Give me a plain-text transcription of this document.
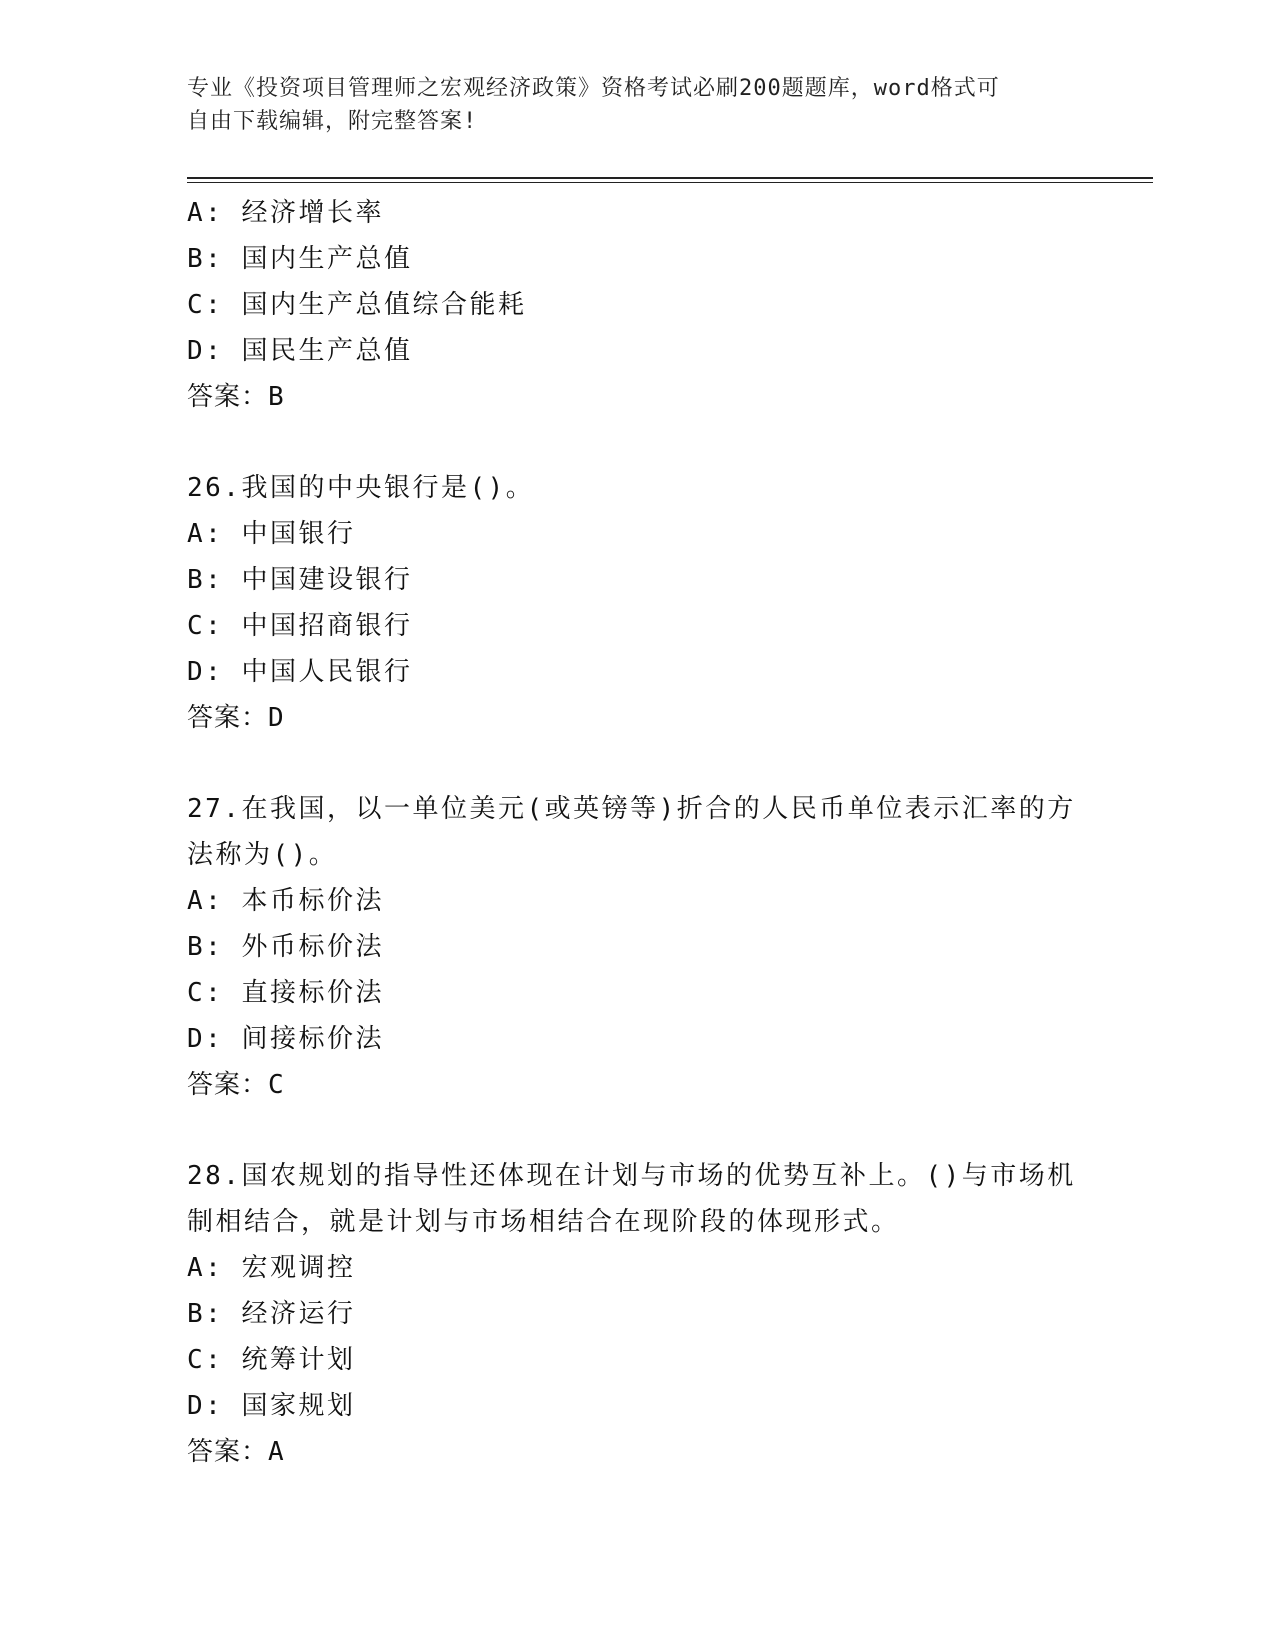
专业《投资项目管理师之宏观经济政策》资格考试必刷200题题库，word格式可
自由下载编辑，附完整答案!
A: 经济增长率
B: 国内生产总值
C: 国内生产总值综合能耗
D: 国民生产总值
答案：B
26.我国的中央银行是()。
A: 中国银行
B: 中国建设银行
C: 中国招商银行
D: 中国人民银行
答案：D
27.在我国，以一单位美元(或英镑等)折合的人民币单位表示汇率的方
法称为()。
A: 本币标价法
B: 外币标价法
C: 直接标价法
D: 间接标价法
答案：C
28.国农规划的指导性还体现在计划与市场的优势互补上。()与市场机
制相结合，就是计划与市场相结合在现阶段的体现形式。
A: 宏观调控
B: 经济运行
C: 统筹计划
D: 国家规划
答案：A
